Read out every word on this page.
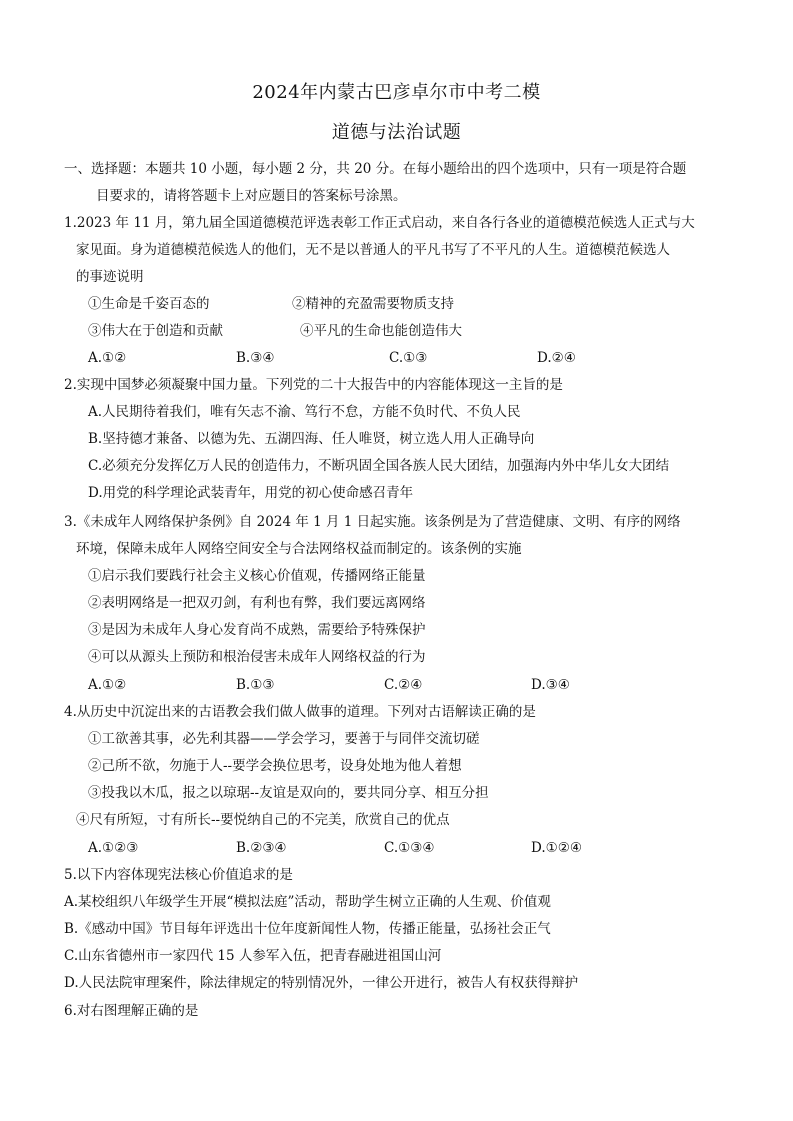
2024年内蒙古巴彦卓尔市中考二模
道德与法治试题
一、选择题：本题共 10 小题，每小题 2 分，共 20 分。在每小题给出的四个选项中，只有一项是符合题
目要求的，请将答题卡上对应题目的答案标号涂黑。
1.2023 年 11 月，第九届全国道德模范评选表彰工作正式启动，来自各行各业的道德模范候选人正式与大
家见面。身为道德模范候选人的他们，无不是以普通人的平凡书写了不平凡的人生。道德模范候选人
的事迹说明
①生命是千姿百态的	②精神的充盈需要物质支持
③伟大在于创造和贡献	④平凡的生命也能创造伟大
A.①②	B.③④	C.①③	D.②④
2.实现中国梦必须凝聚中国力量。下列党的二十大报告中的内容能体现这一主旨的是
A.人民期待着我们，唯有矢志不渝、笃行不怠，方能不负时代、不负人民
B.坚持德才兼备、以德为先、五湖四海、任人唯贤，树立选人用人正确导向
C.必须充分发挥亿万人民的创造伟力，不断巩固全国各族人民大团结，加强海内外中华儿女大团结
D.用党的科学理论武装青年，用党的初心使命感召青年
3.《未成年人网络保护条例》自 2024 年 1 月 1 日起实施。该条例是为了营造健康、文明、有序的网络
环境，保障未成年人网络空间安全与合法网络权益而制定的。该条例的实施
①启示我们要践行社会主义核心价值观，传播网络正能量
②表明网络是一把双刃剑，有利也有弊，我们要远离网络
③是因为未成年人身心发育尚不成熟，需要给予特殊保护
④可以从源头上预防和根治侵害未成年人网络权益的行为
A.①②	B.①③	C.②④	D.③④
4.从历史中沉淀出来的古语教会我们做人做事的道理。下列对古语解读正确的是
①工欲善其事，必先利其器——学会学习，要善于与同伴交流切磋
②己所不欲，勿施于人--要学会换位思考，设身处地为他人着想
③投我以木瓜，报之以琼琚--友谊是双向的，要共同分享、相互分担
④尺有所短，寸有所长--要悦纳自己的不完美，欣赏自己的优点
A.①②③	B.②③④	C.①③④	D.①②④
5.以下内容体现宪法核心价值追求的是
A.某校组织八年级学生开展“模拟法庭”活动，帮助学生树立正确的人生观、价值观
B.《感动中国》节目每年评选出十位年度新闻性人物，传播正能量，弘扬社会正气
C.山东省德州市一家四代 15 人参军入伍，把青春融进祖国山河
D.人民法院审理案件，除法律规定的特别情况外，一律公开进行，被告人有权获得辩护
6.对右图理解正确的是
